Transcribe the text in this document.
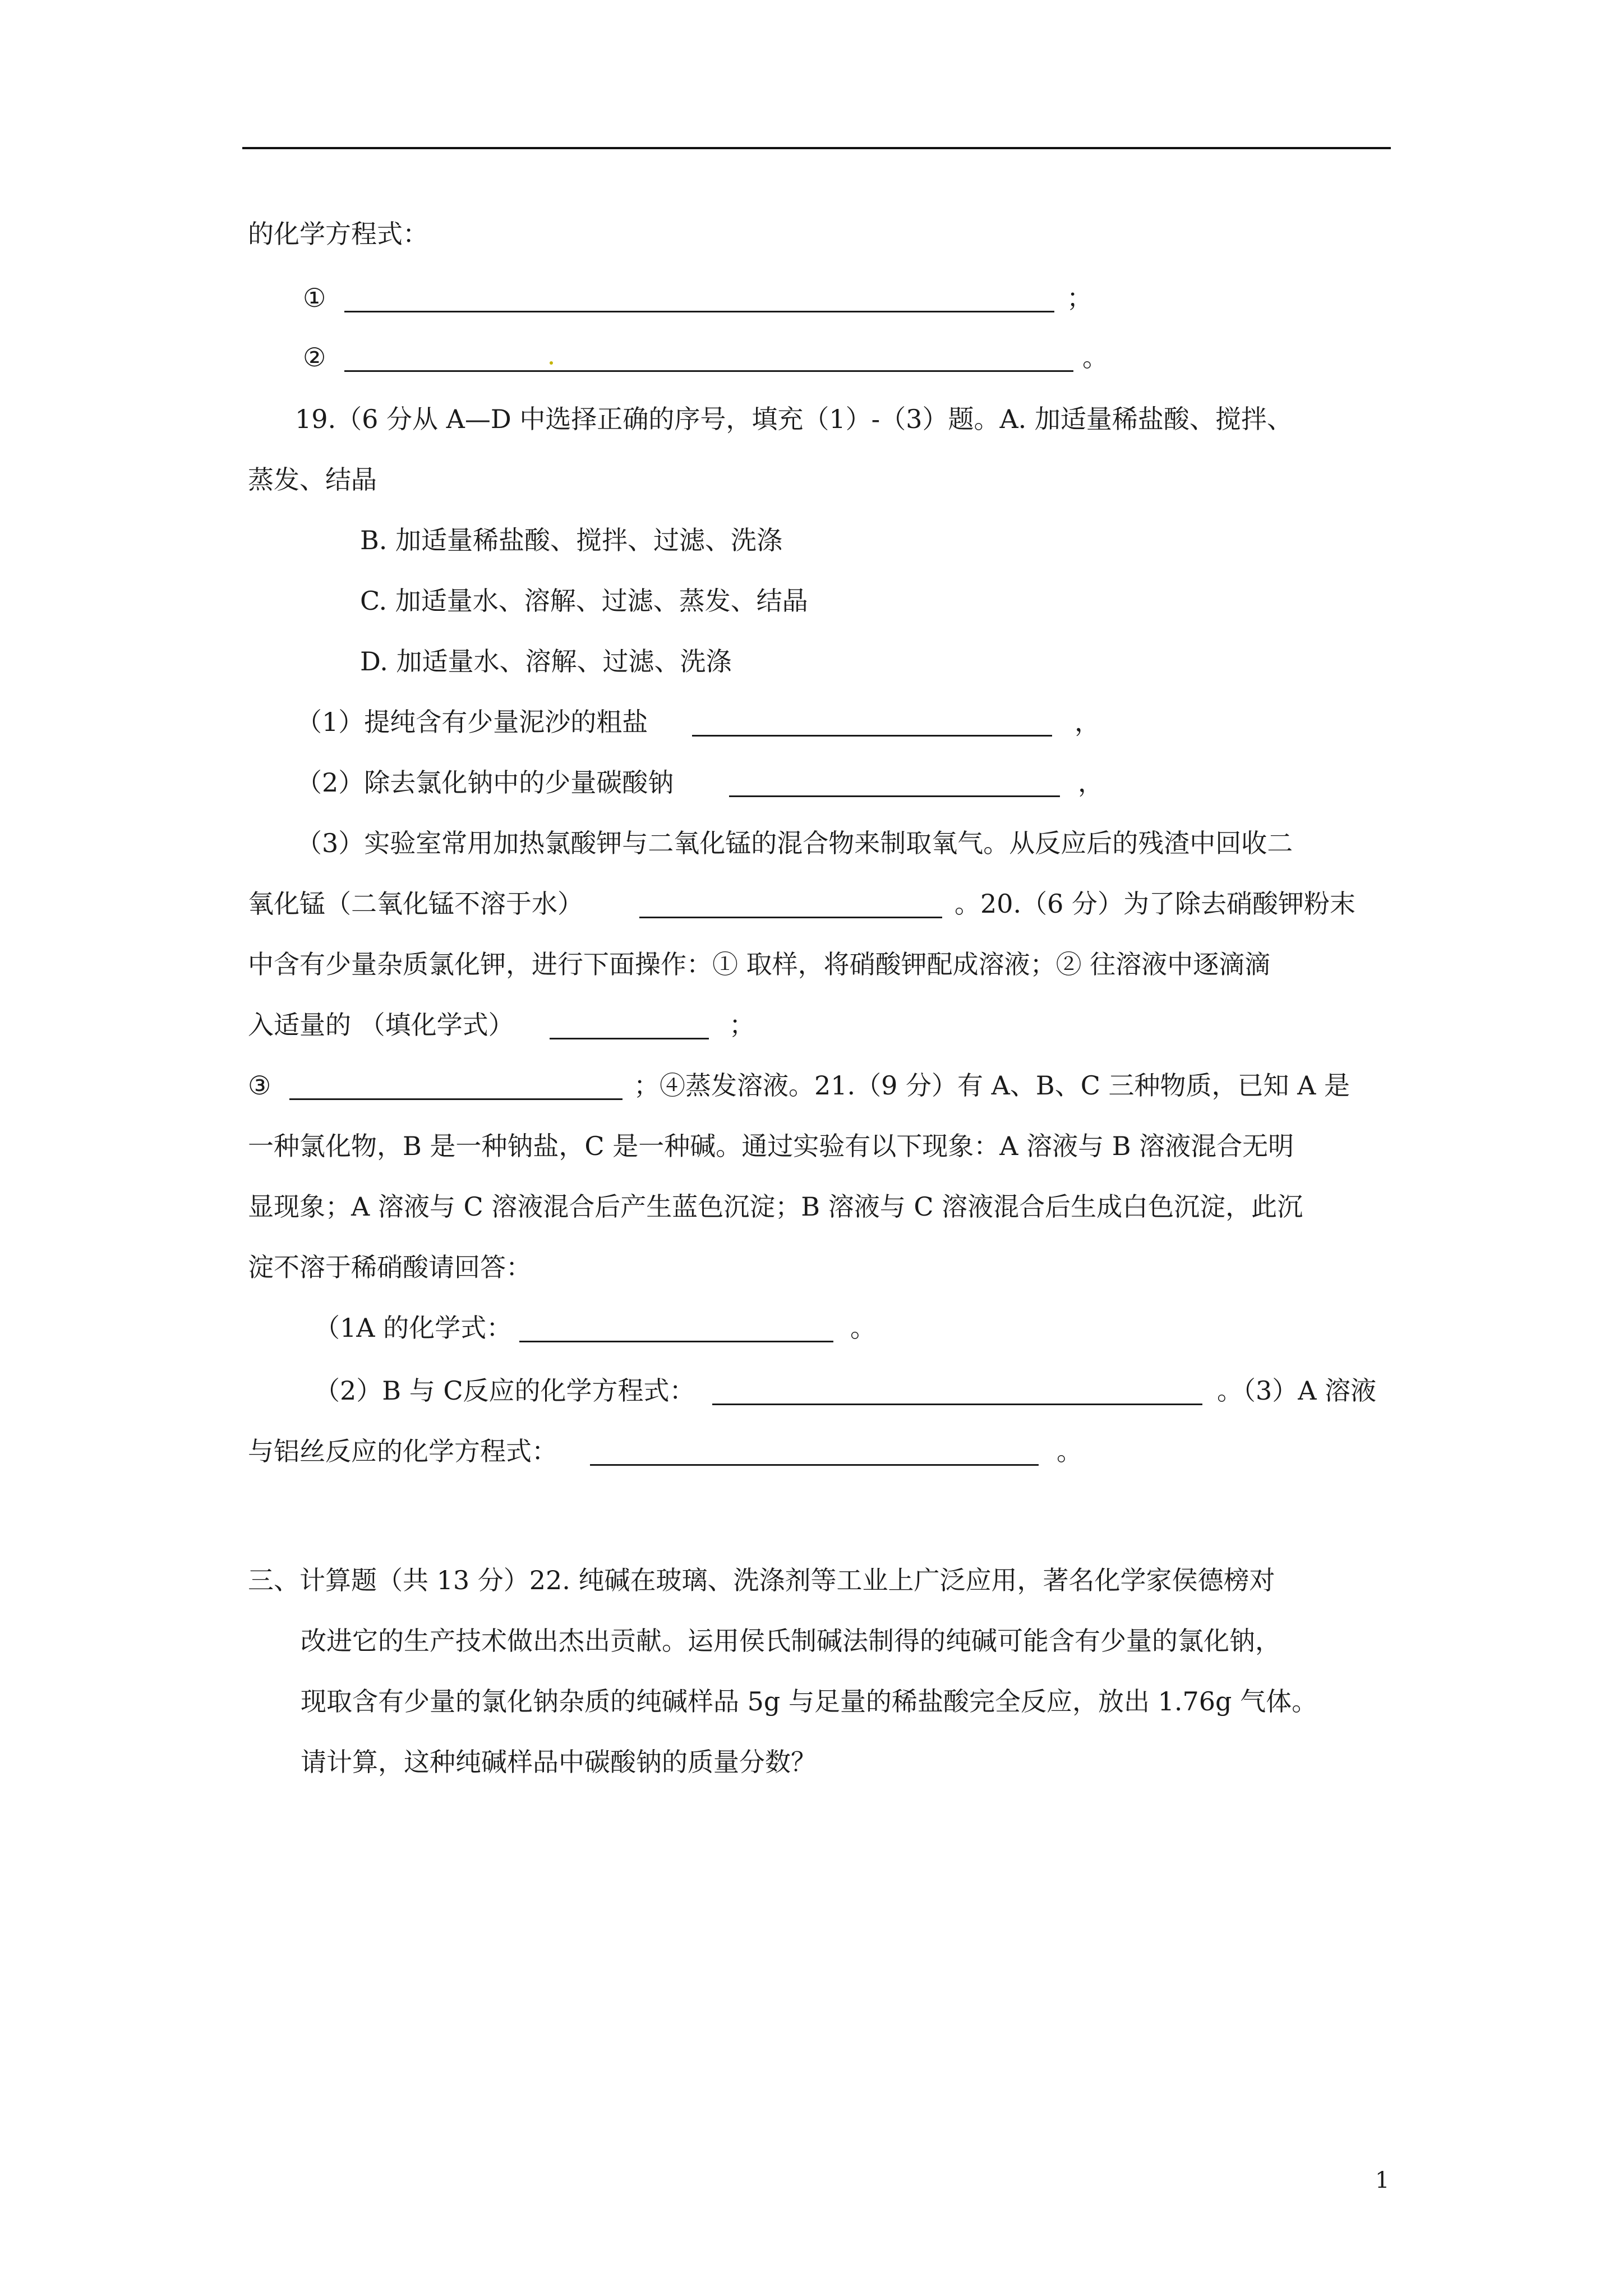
的化学方程式：
①	；
②	。
19.（6 分从 A—D 中选择正确的序号，填充（1）-（3）题。A. 加适量稀盐酸、搅拌、
蒸发、结晶
B. 加适量稀盐酸、搅拌、过滤、洗涤
C. 加适量水、溶解、过滤、蒸发、结晶
D. 加适量水、溶解、过滤、洗涤
（1）提纯含有少量泥沙的粗盐	，
（2）除去氯化钠中的少量碳酸钠	，
（3）实验室常用加热氯酸钾与二氧化锰的混合物来制取氧气。从反应后的残渣中回收二
氧化锰（二氧化锰不溶于水）	。20.（6 分）为了除去硝酸钾粉末
中含有少量杂质氯化钾，进行下面操作：① 取样，将硝酸钾配成溶液；② 往溶液中逐滴滴
入适量的 （填化学式）	；
③	；④蒸发溶液。21.（9 分）有 A、B、C 三种物质，已知 A 是
一种氯化物，B 是一种钠盐，C 是一种碱。通过实验有以下现象：A 溶液与 B 溶液混合无明
显现象；A 溶液与 C 溶液混合后产生蓝色沉淀；B 溶液与 C 溶液混合后生成白色沉淀，此沉
淀不溶于稀硝酸请回答：
（1A 的化学式：	。
（2）B 与 C反应的化学方程式：	。（3）A 溶液
与铝丝反应的化学方程式：	。
三、计算题（共 13 分）22. 纯碱在玻璃、洗涤剂等工业上广泛应用，著名化学家侯德榜对
改进它的生产技术做出杰出贡献。运用侯氏制碱法制得的纯碱可能含有少量的氯化钠，
现取含有少量的氯化钠杂质的纯碱样品 5g 与足量的稀盐酸完全反应，放出 1.76g 气体。
请计算，这种纯碱样品中碳酸钠的质量分数？
1
